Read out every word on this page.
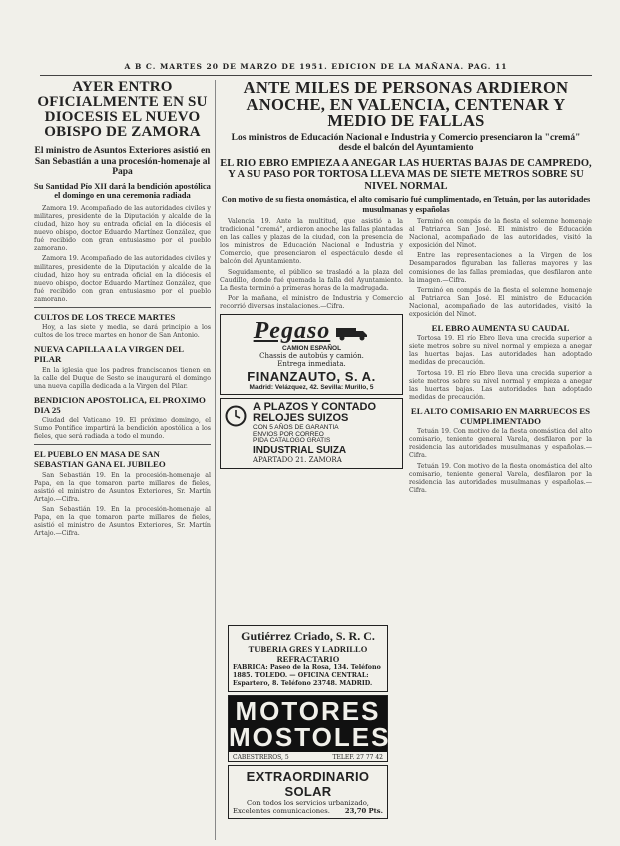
A B C. MARTES 20 DE MARZO DE 1951. EDICION DE LA MAÑANA. PAG. 11
AYER ENTRO OFICIALMENTE EN SU DIOCESIS EL NUEVO OBISPO DE ZAMORA
El ministro de Asuntos Exteriores asistió en San Sebastián a una procesión-homenaje al Papa
Su Santidad Pío XII dará la bendición apostólica el domingo en una ceremonia radiada

Zamora 19. Acompañado de las autoridades civiles y militares, presidente de la Diputación y alcalde de la ciudad, hizo hoy su entrada oficial en la diócesis el nuevo obispo, doctor Eduardo Martínez González, que fué recibido con gran entusiasmo por el pueblo zamorano.

Zamora 19. Acompañado de las autoridades civiles y militares, presidente de la Diputación y alcalde de la ciudad, hizo hoy su entrada oficial en la diócesis el nuevo obispo, doctor Eduardo Martínez González, que fué recibido con gran entusiasmo por el pueblo zamorano.

CULTOS DE LOS TRECE MARTES

Hoy, a las siete y media, se dará principio a los cultos de los trece martes en honor de San Antonio.

NUEVA CAPILLA A LA VIRGEN DEL PILAR

En la iglesia que los padres franciscanos tienen en la calle del Duque de Sesto se inaugurará el domingo una nueva capilla dedicada a la Virgen del Pilar.

BENDICION APOSTOLICA, EL PROXIMO DIA 25

Ciudad del Vaticano 19. El próximo domingo, el Sumo Pontífice impartirá la bendición apostólica a los fieles, que será radiada a todo el mundo.

EL PUEBLO EN MASA DE SAN SEBASTIAN GANA EL JUBILEO

San Sebastián 19. En la procesión-homenaje al Papa, en la que tomaron parte millares de fieles, asistió el ministro de Asuntos Exteriores, Sr. Martín Artajo.—Cifra.

San Sebastián 19. En la procesión-homenaje al Papa, en la que tomaron parte millares de fieles, asistió el ministro de Asuntos Exteriores, Sr. Martín Artajo.—Cifra.

ANTE MILES DE PERSONAS ARDIERON ANOCHE, EN VALENCIA, CENTENAR Y MEDIO DE FALLAS
Los ministros de Educación Nacional e Industria y Comercio presenciaron la "cremá" desde el balcón del Ayuntamiento
EL RIO EBRO EMPIEZA A ANEGAR LAS HUERTAS BAJAS DE CAMPREDO, Y A SU PASO POR TORTOSA LLEVA MAS DE SIETE METROS SOBRE SU NIVEL NORMAL
Con motivo de su fiesta onomástica, el alto comisario fué cumplimentado, en Tetuán, por las autoridades musulmanas y españolas

Valencia 19. Ante la multitud, que asistió a la tradicional "cremá", ardieron anoche las fallas plantadas en las calles y plazas de la ciudad, con la presencia de los ministros de Educación Nacional e Industria y Comercio, que presenciaron el espectáculo desde el balcón del Ayuntamiento.

Seguidamente, el público se trasladó a la plaza del Caudillo, donde fué quemada la falla del Ayuntamiento. La fiesta terminó a primeras horas de la madrugada.

Por la mañana, el ministro de Industria y Comercio recorrió diversas instalaciones.—Cifra.

Pegaso
CAMION ESPAÑOL
Chassis de autobús y camión.
Entrega inmediata.
FINANZAUTO, S. A.
Madrid: Velázquez, 42. Sevilla: Murillo, 5
A PLAZOS Y CONTADO
RELOJES SUIZOS
CON 5 AÑOS DE GARANTIA
ENVIOS POR CORREO
PIDA CATALOGO GRATIS
INDUSTRIAL SUIZA
APARTADO 21. ZAMORA

Terminó en compás de la fiesta el solemne homenaje al Patriarca San José. El ministro de Educación Nacional, acompañado de las autoridades, visitó la exposición del Ninot.

Entre las representaciones a la Virgen de los Desamparados figuraban las falleras mayores y las comisiones de las fallas premiadas, que desfilaron ante la imagen.—Cifra.

Terminó en compás de la fiesta el solemne homenaje al Patriarca San José. El ministro de Educación Nacional, acompañado de las autoridades, visitó la exposición del Ninot.

EL EBRO AUMENTA SU CAUDAL

Tortosa 19. El río Ebro lleva una crecida superior a siete metros sobre su nivel normal y empieza a anegar las huertas bajas. Las autoridades han adoptado medidas de precaución.

Tortosa 19. El río Ebro lleva una crecida superior a siete metros sobre su nivel normal y empieza a anegar las huertas bajas. Las autoridades han adoptado medidas de precaución.

EL ALTO COMISARIO EN MARRUECOS ES CUMPLIMENTADO

Tetuán 19. Con motivo de la fiesta onomástica del alto comisario, teniente general Varela, desfilaron por la residencia las autoridades musulmanas y españolas.—Cifra.

Tetuán 19. Con motivo de la fiesta onomástica del alto comisario, teniente general Varela, desfilaron por la residencia las autoridades musulmanas y españolas.—Cifra.

Gutiérrez Criado, S. R. C.
TUBERIA GRES Y LADRILLO
REFRACTARIO
FABRICA: Paseo de la Rosa, 134. Teléfono 1885. TOLEDO. — OFICINA CENTRAL: Espartero, 8. Teléfono 23748. MADRID.
MOTORES MOSTOLES
CABESTREROS, 5	TELEF. 27 77 42
EXTRAORDINARIO SOLAR
Con todos los servicios urbanizado,
Excelentes comunicaciones. 23,70 Pts.
